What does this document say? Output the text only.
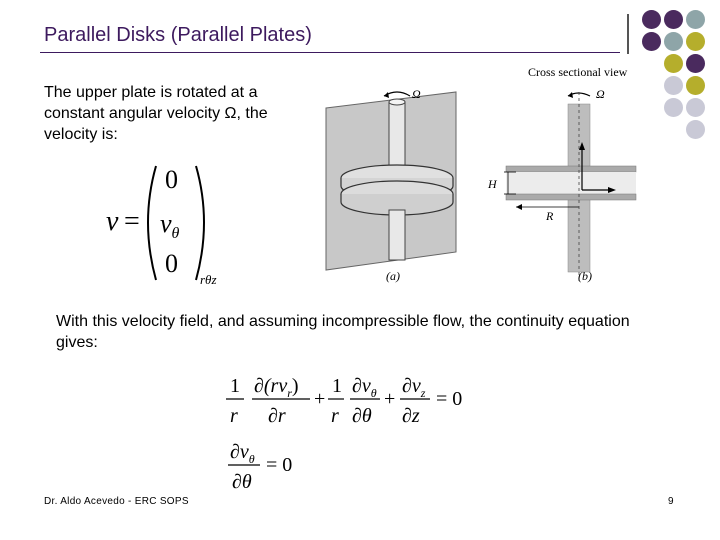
Parallel Disks (Parallel Plates)
The upper plate is rotated at a constant angular velocity Ω, the velocity is:
v =
0
$v_\theta$
0
rθz
Ω
(a)
Cross sectional view
Ω
H
R
(b)
With this velocity field, and assuming incompressible flow, the continuity equation gives:
1
r
$\partial(rv_r)$
∂r
+
1
r
$\partial v_\theta$
∂θ
+
$\partial v_z$
∂z
= 0
$\partial v_\theta$
∂θ
= 0
Dr. Aldo Acevedo - ERC SOPS	9
